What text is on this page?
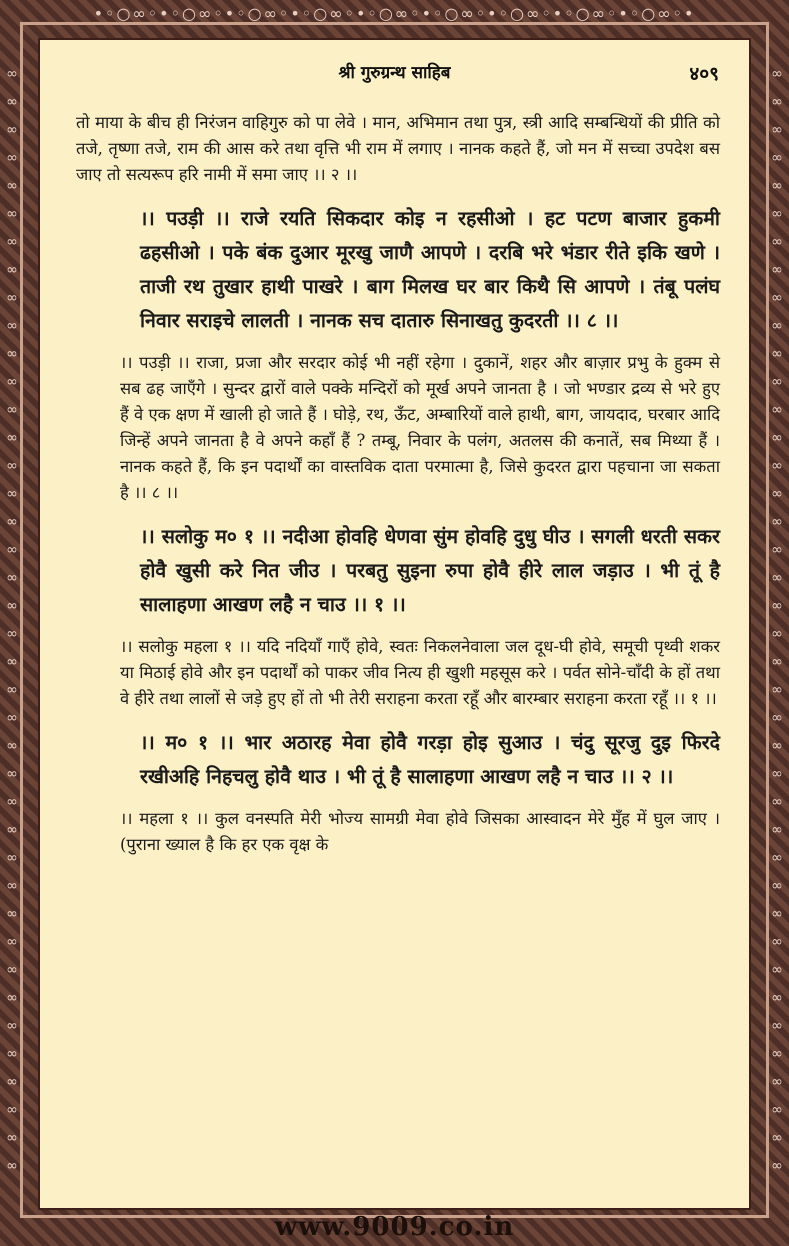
•◦○∞◦•◦○∞◦•◦○∞◦•◦○∞◦•◦○∞◦•◦○∞◦•◦○∞◦•◦○∞◦•◦○∞◦•
∞ ∞ ∞ ∞ ∞ ∞ ∞ ∞ ∞ ∞ ∞ ∞ ∞ ∞ ∞ ∞ ∞ ∞ ∞ ∞ ∞ ∞ ∞ ∞ ∞ ∞ ∞ ∞ ∞ ∞ ∞ ∞ ∞ ∞ ∞ ∞ ∞ ∞ ∞ ∞
∞ ∞ ∞ ∞ ∞ ∞ ∞ ∞ ∞ ∞ ∞ ∞ ∞ ∞ ∞ ∞ ∞ ∞ ∞ ∞ ∞ ∞ ∞ ∞ ∞ ∞ ∞ ∞ ∞ ∞ ∞ ∞ ∞ ∞ ∞ ∞ ∞ ∞ ∞ ∞
श्री गुरुग्रन्थ साहिब	४०९

तो माया के बीच ही निरंजन वाहिगुरु को पा लेवे । मान, अभिमान तथा पुत्र, स्त्री आदि सम्बन्धियों की प्रीति को तजे, तृष्णा तजे, राम की आस करे तथा वृत्ति भी राम में लगाए । नानक कहते हैं, जो मन में सच्चा उपदेश बस जाए तो सत्यरूप हरि नामी में समा जाए ।। २ ।।

।। पउड़ी ।। राजे रयति सिकदार कोइ न रहसीओ । हट पटण बाजार हुकमी ढहसीओ । पके बंक दुआर मूरखु जाणै आपणे । दरबि भरे भंडार रीते इकि खणे । ताजी रथ तुखार हाथी पाखरे । बाग मिलख घर बार किथै सि आपणे । तंबू पलंघ निवार सराइचे लालती । नानक सच दातारु सिनाखतु कुदरती ।। ८ ।।

।। पउड़ी ।। राजा, प्रजा और सरदार कोई भी नहीं रहेगा । दुकानें, शहर और बाज़ार प्रभु के हुक्म से सब ढह जाएँगे । सुन्दर द्वारों वाले पक्के मन्दिरों को मूर्ख अपने जानता है । जो भण्डार द्रव्य से भरे हुए हैं वे एक क्षण में खाली हो जाते हैं । घोड़े, रथ, ऊँट, अम्बारियों वाले हाथी, बाग, जायदाद, घरबार आदि जिन्हें अपने जानता है वे अपने कहाँ हैं ? तम्बू, निवार के पलंग, अतलस की कनातें, सब मिथ्या हैं । नानक कहते हैं, कि इन पदार्थों का वास्तविक दाता परमात्मा है, जिसे कुदरत द्वारा पहचाना जा सकता है ।। ८ ।।

।। सलोकु म० १ ।। नदीआ होवहि धेणवा सुंम होवहि दुधु घीउ । सगली धरती सकर होवै खुसी करे नित जीउ । परबतु सुइना रुपा होवै हीरे लाल जड़ाउ । भी तूं है सालाहणा आखण लहै न चाउ ।। १ ।।

।। सलोकु महला १ ।। यदि नदियाँ गाएँ होवे, स्वतः निकलनेवाला जल दूध-घी होवे, समूची पृथ्वी शकर या मिठाई होवे और इन पदार्थों को पाकर जीव नित्य ही खुशी महसूस करे । पर्वत सोने-चाँदी के हों तथा वे हीरे तथा लालों से जड़े हुए हों तो भी तेरी सराहना करता रहूँ और बारम्बार सराहना करता रहूँ ।। १ ।।

।। म० १ ।। भार अठारह मेवा होवै गरड़ा होइ सुआउ । चंदु सूरजु दुइ फिरदे रखीअहि निहचलु होवै थाउ । भी तूं है सालाहणा आखण लहै न चाउ ।। २ ।।

।। महला १ ।। कुल वनस्पति मेरी भोज्य सामग्री मेवा होवे जिसका आस्वादन मेरे मुँह में घुल जाए । (पुराना ख्याल है कि हर एक वृक्ष के

www.9009.co.in
